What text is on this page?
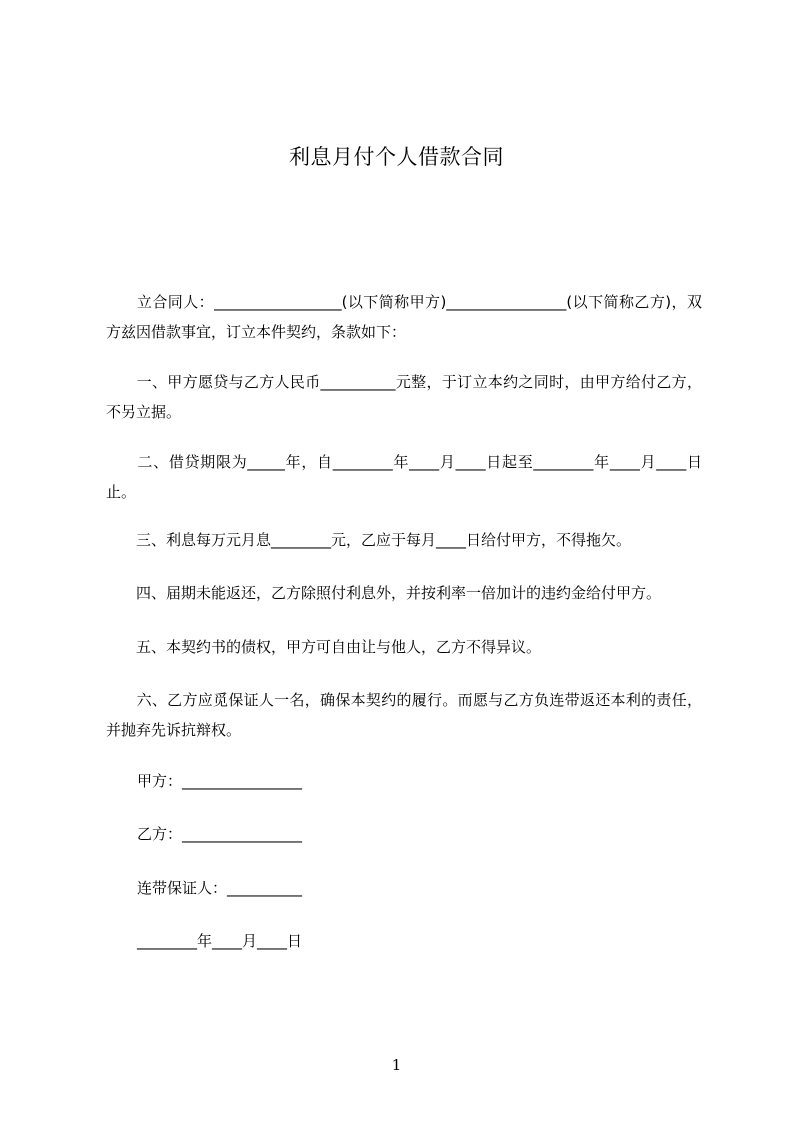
利息月付个人借款合同
　　立合同人：_________________(以下简称甲方)________________(以下简称乙方)，双方兹因借款事宜，订立本件契约，条款如下：
　　一、甲方愿贷与乙方人民币__________元整，于订立本约之同时，由甲方给付乙方，不另立据。
　　二、借贷期限为_____年，自________年____月____日起至________年____月____日止。
　　三、利息每万元月息________元，乙应于每月____日给付甲方，不得拖欠。
　　四、届期未能返还，乙方除照付利息外，并按利率一倍加计的违约金给付甲方。
　　五、本契约书的债权，甲方可自由让与他人，乙方不得异议。
　　六、乙方应觅保证人一名，确保本契约的履行。而愿与乙方负连带返还本利的责任，并抛弃先诉抗辩权。
甲方：________________
乙方：________________
连带保证人：__________
________年____月____日
1
